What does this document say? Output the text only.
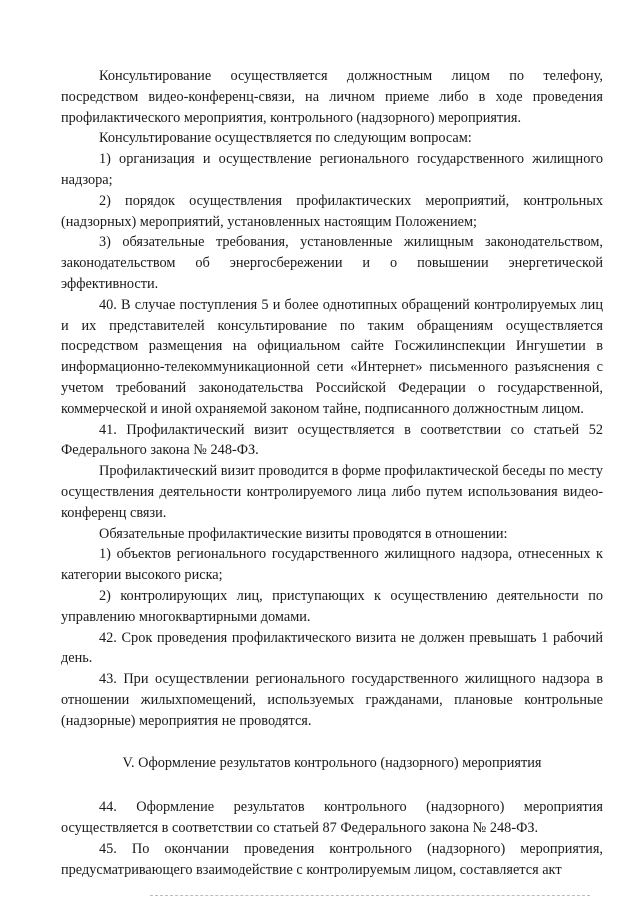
Консультирование осуществляется должностным лицом по телефону, посредством видео-конференц-связи, на личном приеме либо в ходе проведения профилактического мероприятия, контрольного (надзорного) мероприятия.

Консультирование осуществляется по следующим вопросам:

1) организация и осуществление регионального государственного жилищного надзора;

2) порядок осуществления профилактических мероприятий, контрольных (надзорных) мероприятий, установленных настоящим Положением;

3) обязательные требования, установленные жилищным законодательством, законодательством об энергосбережении и о повышении энергетической эффективности.

40. В случае поступления 5 и более однотипных обращений контролируемых лиц и их представителей консультирование по таким обращениям осуществляется посредством размещения на официальном сайте Госжилинспекции Ингушетии в информационно-телекоммуникационной сети «Интернет» письменного разъяснения с учетом требований законодательства Российской Федерации о государственной, коммерческой и иной охраняемой законом тайне, подписанного должностным лицом.

41. Профилактический визит осуществляется в соответствии со статьей 52 Федерального закона № 248-ФЗ.

Профилактический визит проводится в форме профилактической беседы по месту осуществления деятельности контролируемого лица либо путем использования видео-конференц связи.

Обязательные профилактические визиты проводятся в отношении:

1) объектов регионального государственного жилищного надзора, отнесенных к категории высокого риска;

2) контролирующих лиц, приступающих к осуществлению деятельности по управлению многоквартирными домами.

42. Срок проведения профилактического визита не должен превышать 1 рабочий день.

43. При осуществлении регионального государственного жилищного надзора в отношении жилыхпомещений, используемых гражданами, плановые контрольные (надзорные) мероприятия не проводятся.

V. Оформление результатов контрольного (надзорного) мероприятия

44. Оформление результатов контрольного (надзорного) мероприятия осуществляется в соответствии со статьей 87 Федерального закона № 248-ФЗ.

45. По окончании проведения контрольного (надзорного) мероприятия, предусматривающего взаимодействие с контролируемым лицом, составляется акт
